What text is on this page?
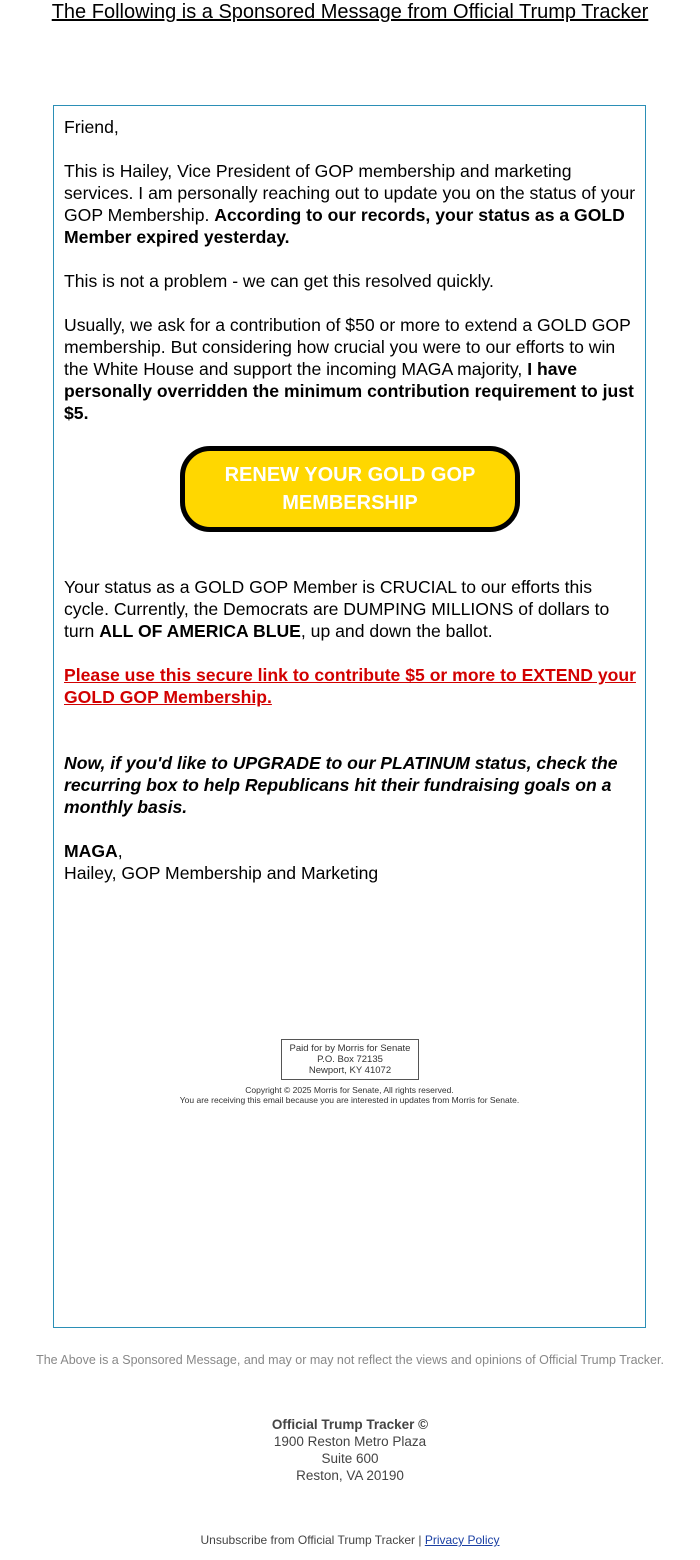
The Following is a Sponsored Message from Official Trump Tracker

Friend,

This is Hailey, Vice President of GOP membership and marketing services. I am personally reaching out to update you on the status of your GOP Membership. According to our records, your status as a GOLD Member expired yesterday.

This is not a problem - we can get this resolved quickly.

Usually, we ask for a contribution of $50 or more to extend a GOLD GOP membership. But considering how crucial you were to our efforts to win the White House and support the incoming MAGA majority, I have personally overridden the minimum contribution requirement to just $5.

RENEW YOUR GOLD GOP MEMBERSHIP

Your status as a GOLD GOP Member is CRUCIAL to our efforts this cycle. Currently, the Democrats are DUMPING MILLIONS of dollars to turn ALL OF AMERICA BLUE, up and down the ballot.

Please use this secure link to contribute $5 or more to EXTEND your GOLD GOP Membership.

Now, if you'd like to UPGRADE to our PLATINUM status, check the recurring box to help Republicans hit their fundraising goals on a monthly basis.

MAGA,
Hailey, GOP Membership and Marketing

Paid for by Morris for Senate
P.O. Box 72135
Newport, KY 41072
Copyright © 2025 Morris for Senate, All rights reserved.
You are receiving this email because you are interested in updates from Morris for Senate.
The Above is a Sponsored Message, and may or may not reflect the views and opinions of Official Trump Tracker.
Official Trump Tracker ©
1900 Reston Metro Plaza
Suite 600
Reston, VA 20190
Unsubscribe from Official Trump Tracker | Privacy Policy
